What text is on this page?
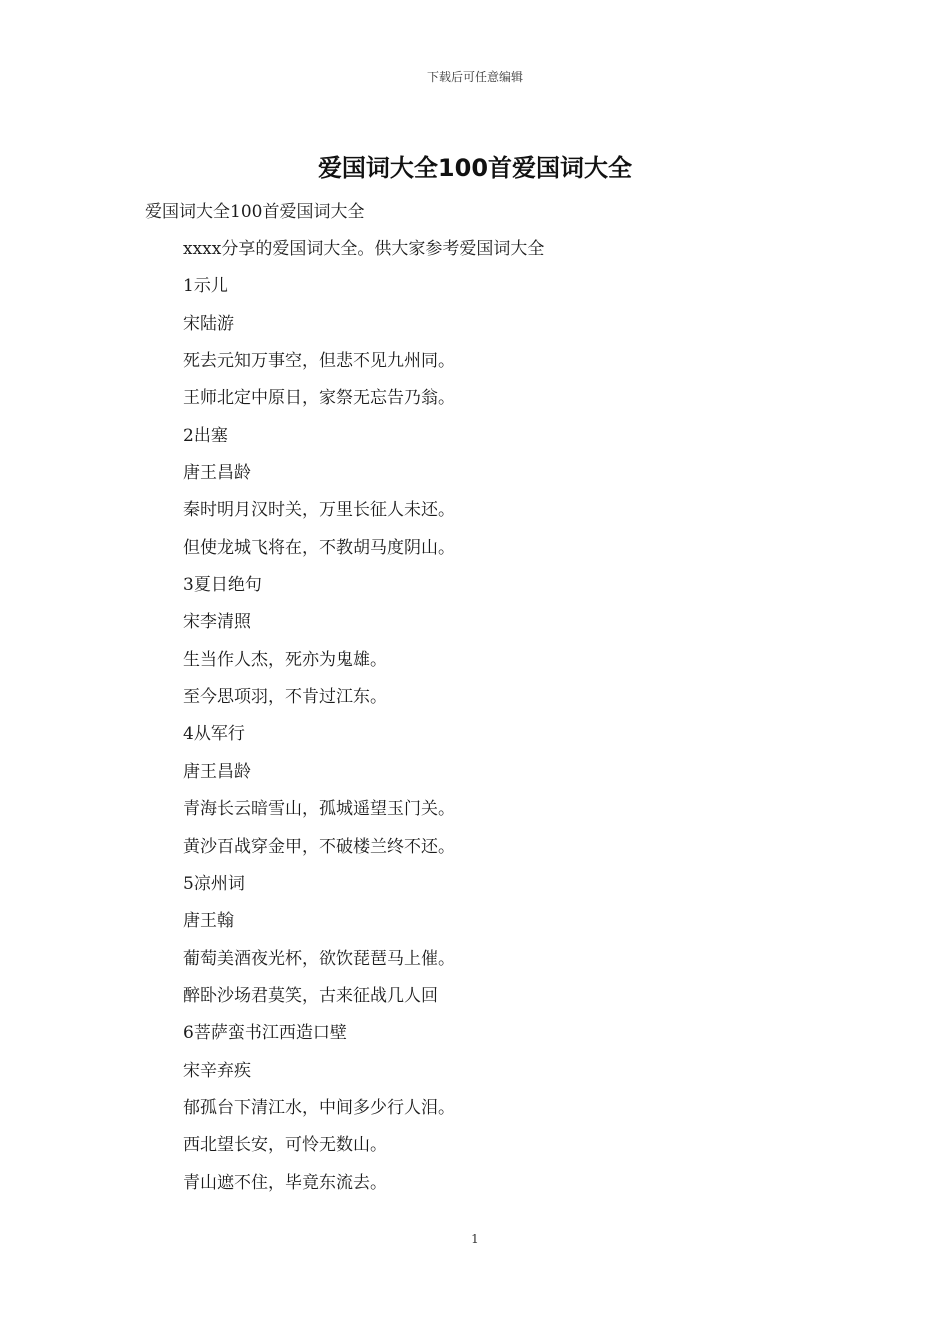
下载后可任意编辑
爱国词大全100首爱国词大全
爱国词大全100首爱国词大全
xxxx分享的爱国词大全。供大家参考爱国词大全
1示儿
宋陆游
死去元知万事空，但悲不见九州同。
王师北定中原日，家祭无忘告乃翁。
2出塞
唐王昌龄
秦时明月汉时关，万里长征人未还。
但使龙城飞将在，不教胡马度阴山。
3夏日绝句
宋李清照
生当作人杰，死亦为鬼雄。
至今思项羽，不肯过江东。
4从军行
唐王昌龄
青海长云暗雪山，孤城遥望玉门关。
黄沙百战穿金甲，不破楼兰终不还。
5凉州词
唐王翰
葡萄美酒夜光杯，欲饮琵琶马上催。
醉卧沙场君莫笑，古来征战几人回
6菩萨蛮书江西造口壁
宋辛弃疾
郁孤台下清江水，中间多少行人泪。
西北望长安，可怜无数山。
青山遮不住，毕竟东流去。
1
